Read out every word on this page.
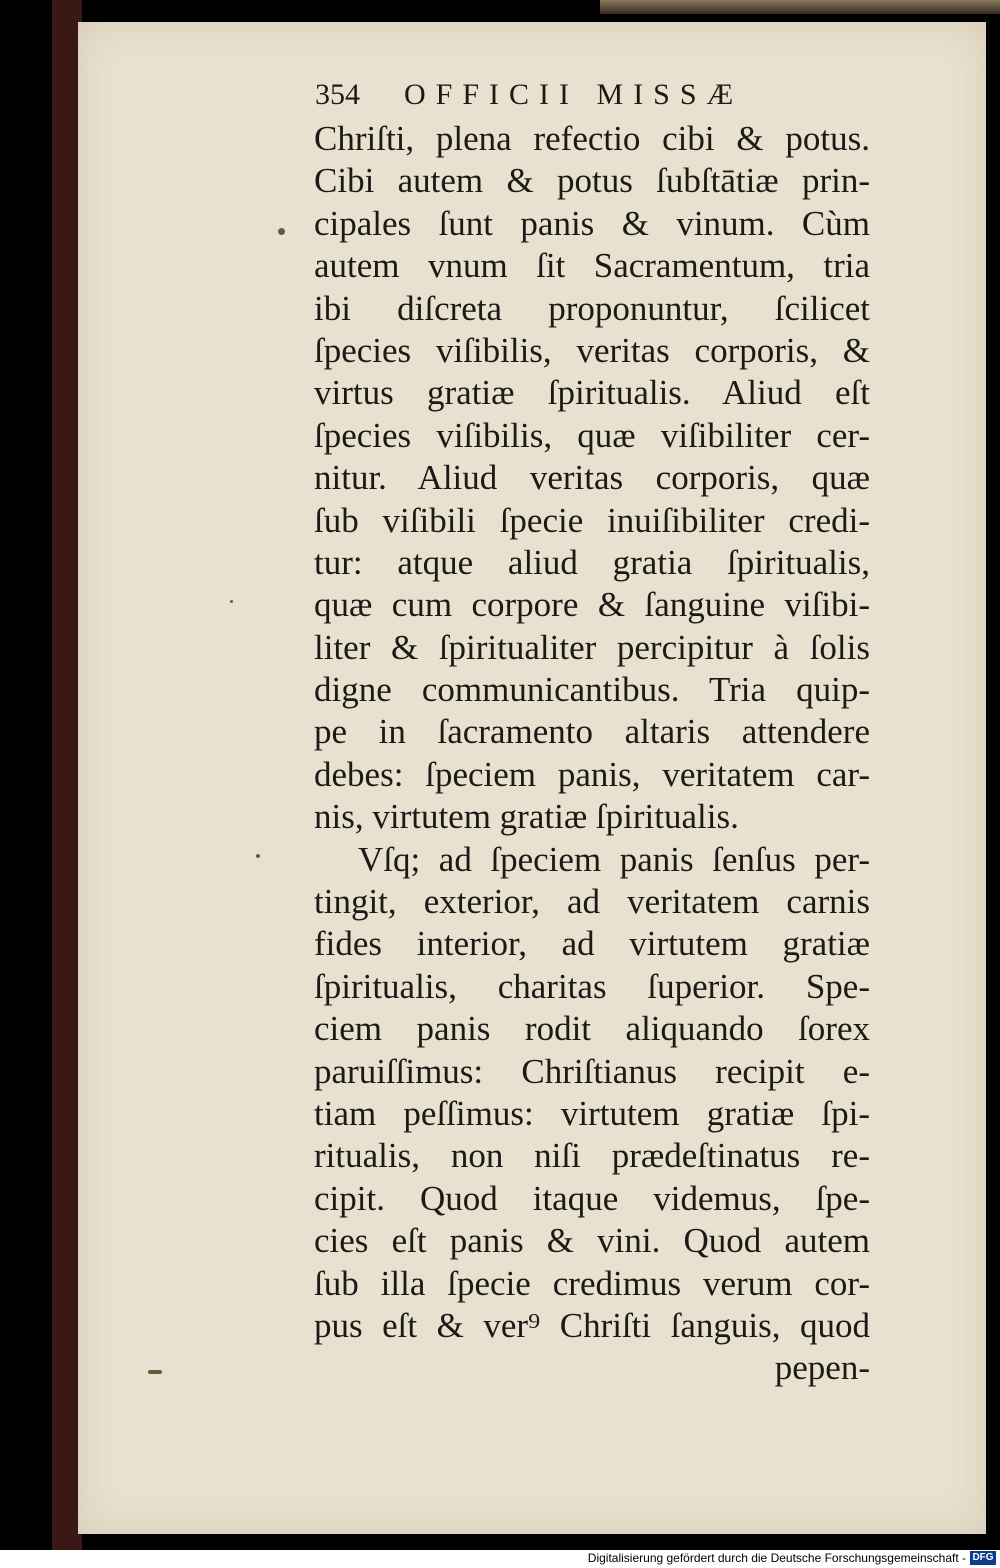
354 OFFICII MISSÆ
Chriſti, plena refectio cibi & potus.
Cibi autem & potus ſubſtātiæ prin-
cipales ſunt panis & vinum. Cùm
autem vnum ſit Sacramentum, tria
ibi diſcreta proponuntur, ſcilicet
ſpecies viſibilis, veritas corporis, &
virtus gratiæ ſpiritualis. Aliud eſt
ſpecies viſibilis, quæ viſibiliter cer-
nitur. Aliud veritas corporis, quæ
ſub viſibili ſpecie inuiſibiliter credi-
tur: atque aliud gratia ſpiritualis,
quæ cum corpore & ſanguine viſibi-
liter & ſpiritualiter percipitur à ſolis
digne communicantibus. Tria quip-
pe in ſacramento altaris attendere
debes: ſpeciem panis, veritatem car-
nis, virtutem gratiæ ſpiritualis.
Vſq; ad ſpeciem panis ſenſus per-
tingit, exterior, ad veritatem carnis
fides interior, ad virtutem gratiæ
ſpiritualis, charitas ſuperior. Spe-
ciem panis rodit aliquando ſorex
paruiſſimus: Chriſtianus recipit e-
tiam peſſimus: virtutem gratiæ ſpi-
ritualis, non niſi prædeſtinatus re-
cipit. Quod itaque videmus, ſpe-
cies eſt panis & vini. Quod autem
ſub illa ſpecie credimus verum cor-
pus eſt & ver⁹ Chriſti ſanguis, quod
pepen-
Digitalisierung gefördert durch die Deutsche Forschungsgemeinschaft - DFG
